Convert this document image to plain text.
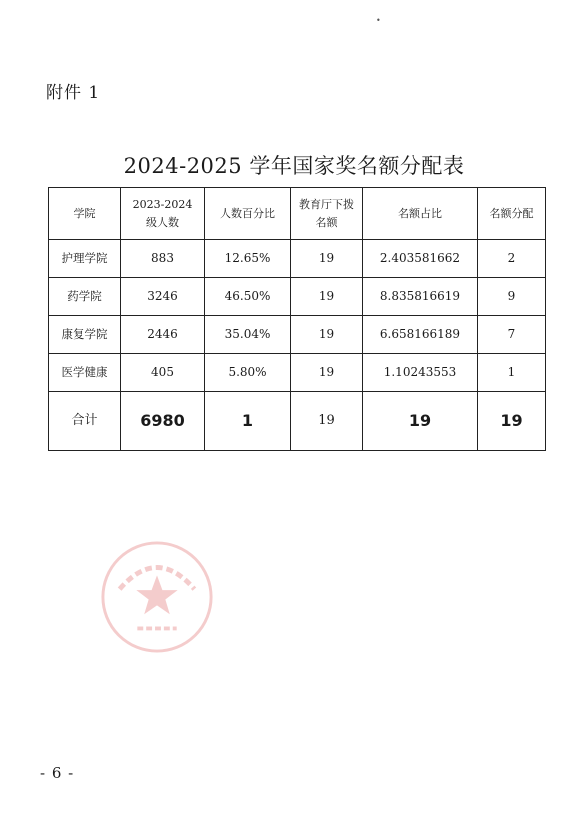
附件 1
•
2024-2025 学年国家奖名额分配表
学院	2023-2024 级人数	人数百分比	教育厅下拨名额	名额占比	名额分配
护理学院	883	12.65%	19	2.403581662	2
药学院	3246	46.50%	19	8.835816619	9
康复学院	2446	35.04%	19	6.658166189	7
医学健康	405	5.80%	19	1.10243553	1
合计	6980	1	19	19	19
- 6 -
